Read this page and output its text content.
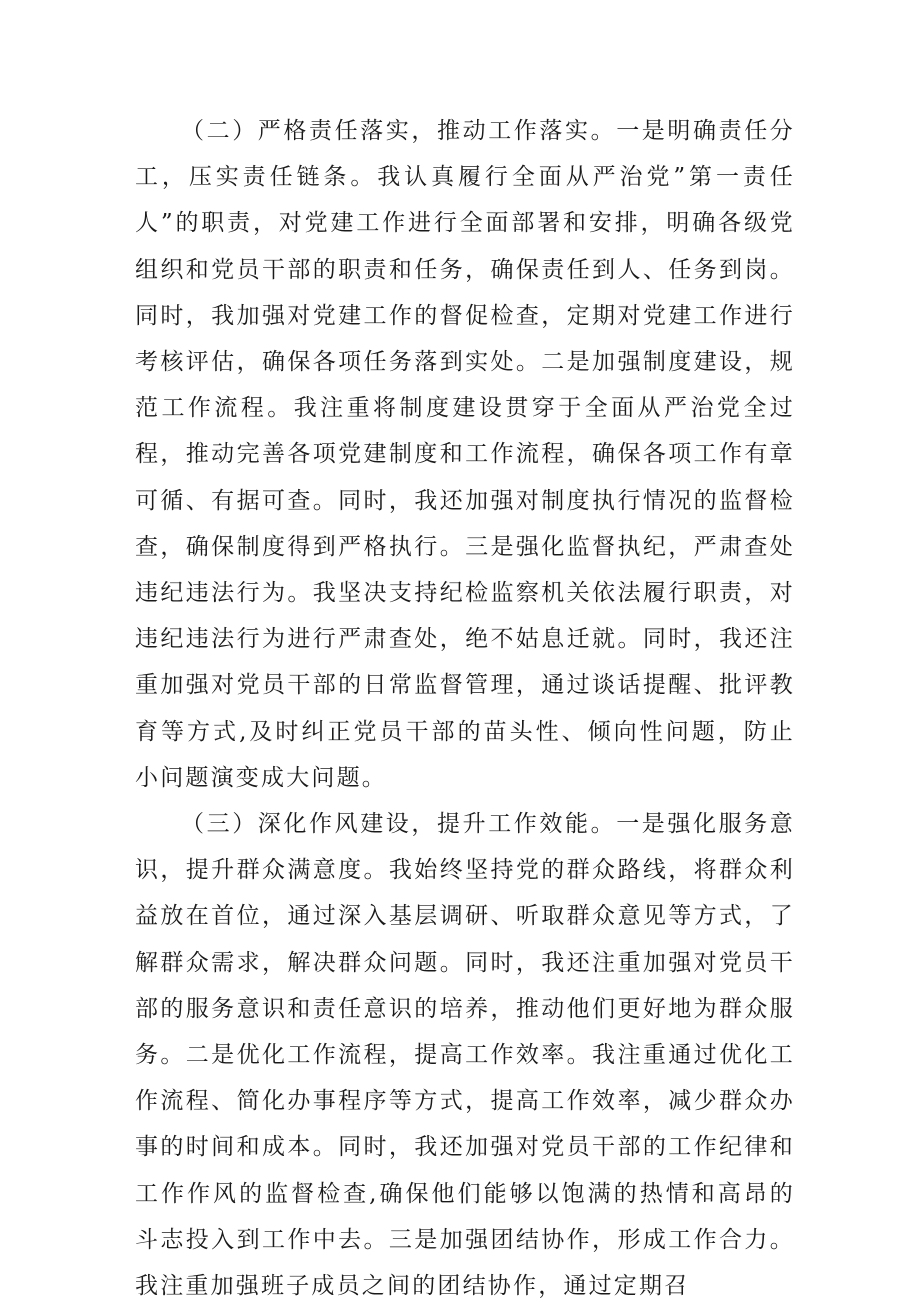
（二）严格责任落实，推动工作落实。一是明确责任分工，压实责任链条。我认真履行全面从严治党”第一责任人”的职责，对党建工作进行全面部署和安排，明确各级党组织和党员干部的职责和任务，确保责任到人、任务到岗。同时，我加强对党建工作的督促检查，定期对党建工作进行考核评估，确保各项任务落到实处。二是加强制度建设，规范工作流程。我注重将制度建设贯穿于全面从严治党全过程，推动完善各项党建制度和工作流程，确保各项工作有章可循、有据可查。同时，我还加强对制度执行情况的监督检查，确保制度得到严格执行。三是强化监督执纪，严肃查处违纪违法行为。我坚决支持纪检监察机关依法履行职责，对违纪违法行为进行严肃查处，绝不姑息迁就。同时，我还注重加强对党员干部的日常监督管理，通过谈话提醒、批评教育等方式,及时纠正党员干部的苗头性、倾向性问题，防止小问题演变成大问题。

（三）深化作风建设，提升工作效能。一是强化服务意识，提升群众满意度。我始终坚持党的群众路线，将群众利益放在首位，通过深入基层调研、听取群众意见等方式，了解群众需求，解决群众问题。同时，我还注重加强对党员干部的服务意识和责任意识的培养，推动他们更好地为群众服务。二是优化工作流程，提高工作效率。我注重通过优化工作流程、简化办事程序等方式，提高工作效率，减少群众办事的时间和成本。同时，我还加强对党员干部的工作纪律和工作作风的监督检查,确保他们能够以饱满的热情和高昂的斗志投入到工作中去。三是加强团结协作，形成工作合力。我注重加强班子成员之间的团结协作，通过定期召
